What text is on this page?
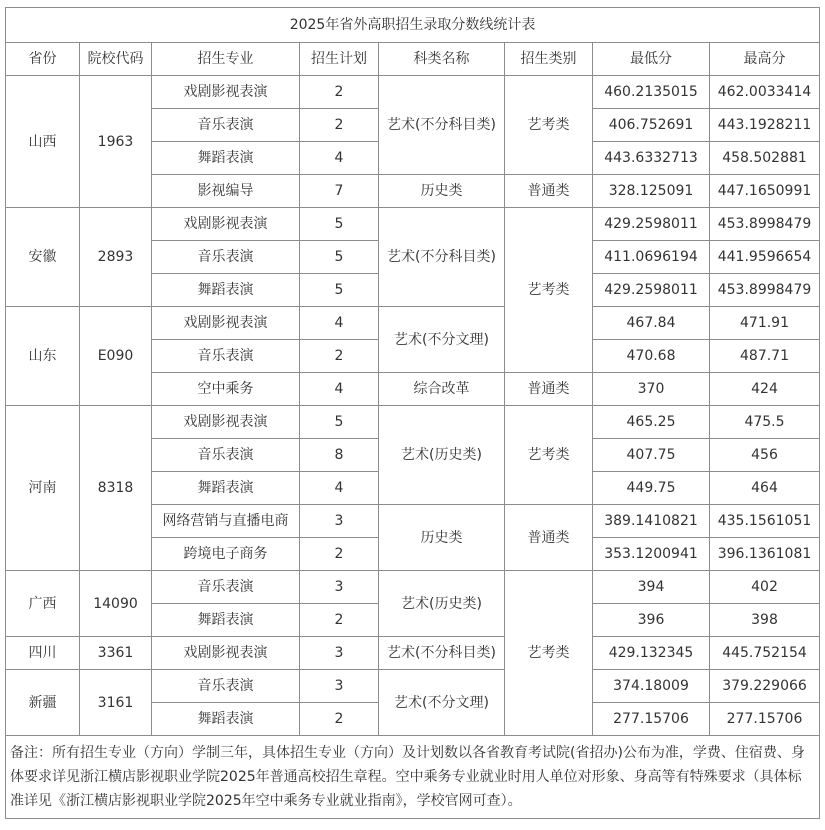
2025年省外高职招生录取分数线统计表							
省份	院校代码	招生专业	招生计划	科类名称	招生类别	最低分	最高分
山西	1963	戏剧影视表演	2	艺术(不分科目类)	艺考类	460.2135015	462.0033414
		音乐表演	2			406.752691	443.1928211
		舞蹈表演	4			443.6332713	458.502881
		影视编导	7	历史类	普通类	328.125091	447.1650991
安徽	2893	戏剧影视表演	5	艺术(不分科目类)	艺考类	429.2598011	453.8998479
		音乐表演	5			411.0696194	441.9596654
		舞蹈表演	5			429.2598011	453.8998479
山东	E090	戏剧影视表演	4	艺术(不分文理)		467.84	471.91
		音乐表演	2			470.68	487.71
		空中乘务	4	综合改革	普通类	370	424
河南	8318	戏剧影视表演	5	艺术(历史类)	艺考类	465.25	475.5
		音乐表演	8			407.75	456
		舞蹈表演	4			449.75	464
		网络营销与直播电商	3	历史类	普通类	389.1410821	435.1561051
		跨境电子商务	2			353.1200941	396.1361081
广西	14090	音乐表演	3	艺术(历史类)	艺考类	394	402
		舞蹈表演	2			396	398
四川	3361	戏剧影视表演	3	艺术(不分科目类)		429.132345	445.752154
新疆	3161	音乐表演	3	艺术(不分文理)		374.18009	379.229066
		舞蹈表演	2			277.15706	277.15706
备注：所有招生专业（方向）学制三年，具体招生专业（方向）及计划数以各省教育考试院(省招办)公布为准，学费、住宿费、身体要求详见浙江横店影视职业学院2025年普通高校招生章程。空中乘务专业就业时用人单位对形象、身高等有特殊要求（具体标准详见《浙江横店影视职业学院2025年空中乘务专业就业指南》，学校官网可查）。							
